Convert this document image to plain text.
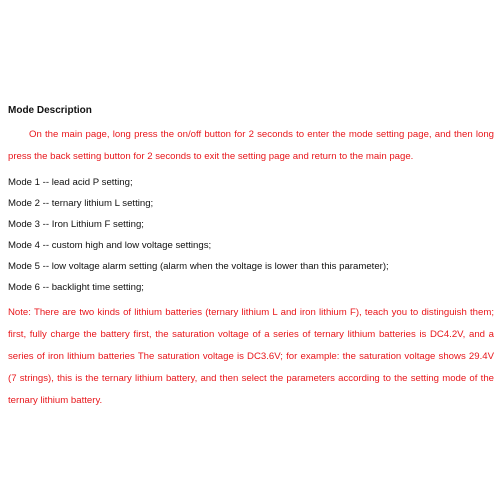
Mode Description

On the main page, long press the on/off button for 2 seconds to enter the mode setting page, and then long press the back setting button for 2 seconds to exit the setting page and return to the main page.

Mode 1 -- lead acid P setting;
Mode 2 -- ternary lithium L setting;
Mode 3 -- Iron Lithium F setting;
Mode 4 -- custom high and low voltage settings;
Mode 5 -- low voltage alarm setting (alarm when the voltage is lower than this parameter);
Mode 6 -- backlight time setting;

Note: There are two kinds of lithium batteries (ternary lithium L and iron lithium F), teach you to distinguish them; first, fully charge the battery first, the saturation voltage of a series of ternary lithium batteries is DC4.2V, and a series of iron lithium batteries The saturation voltage is DC3.6V; for example: the saturation voltage shows 29.4V (7 strings), this is the ternary lithium battery, and then select the parameters according to the setting mode of the ternary lithium battery.
